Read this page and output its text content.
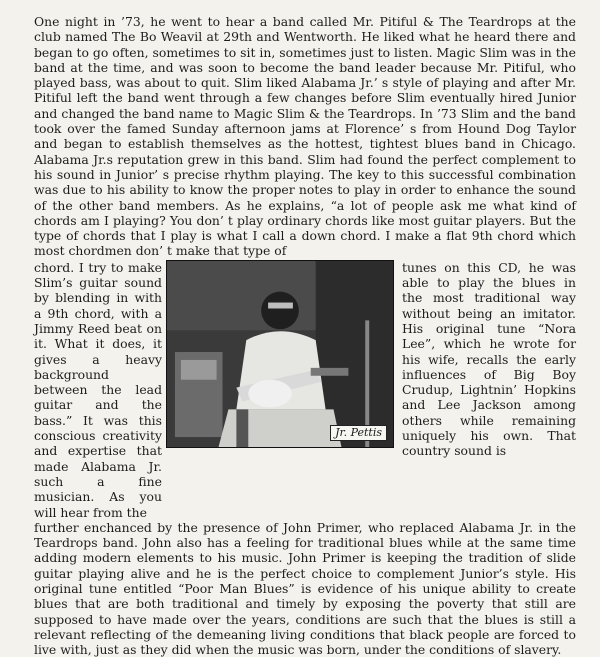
One night in ’73, he went to hear a band called Mr. Pitiful & The Teardrops at the club named The Bo Weavil at 29th and Wentworth. He liked what he heard there and began to go often, sometimes to sit in, sometimes just to listen. Magic Slim was in the band at the time, and was soon to become the band leader because Mr. Pitiful, who played bass, was about to quit. Slim liked Alabama Jr.’ s style of playing and after Mr. Pitiful left the band went through a few changes before Slim eventually hired Junior and changed the band name to Magic Slim & the Teardrops. In ’73 Slim and the band took over the famed Sunday afternoon jams at Florence’ s from Hound Dog Taylor and began to establish themselves as the hottest, tightest blues band in Chicago. Alabama Jr.s reputation grew in this band. Slim had found the perfect complement to his sound in Junior’ s precise rhythm playing. The key to this successful combination was due to his ability to know the proper notes to play in order to enhance the sound of the other band members. As he explains, “a lot of people ask me what kind of chords am I playing? You don’ t play ordinary chords like most guitar players. But the type of chords that I play is what I call a down chord. I make a flat 9th chord which most chordmen don’ t make that type of

chord. I try to make Slim’s guitar sound by blending in with a 9th chord, with a Jimmy Reed beat on it. What it does, it gives a heavy background between the lead guitar and the bass.” It was this conscious creativity and expertise that made Alabama Jr. such a fine musician. As you will hear from the

Jr. Pettis

tunes on this CD, he was able to play the blues in the most traditional way without being an imitator. His original tune “Nora Lee”, which he wrote for his wife, recalls the early influences of Big Boy Crudup, Lightnin’ Hopkins and Lee Jackson among others while remaining uniquely his own. That country sound is

further enchanced by the presence of John Primer, who replaced Alabama Jr. in the Teardrops band. John also has a feeling for traditional blues while at the same time adding modern elements to his music. John Primer is keeping the tradition of slide guitar playing alive and he is the perfect choice to complement Junior’s style. His original tune entitled “Poor Man Blues” is evidence of his unique ability to create blues that are both traditional and timely by exposing the poverty that still are supposed to have made over the years, conditions are such that the blues is still a relevant reflecting of the demeaning living conditions that black people are forced to live with, just as they did when the music was born, under the conditions of slavery.
